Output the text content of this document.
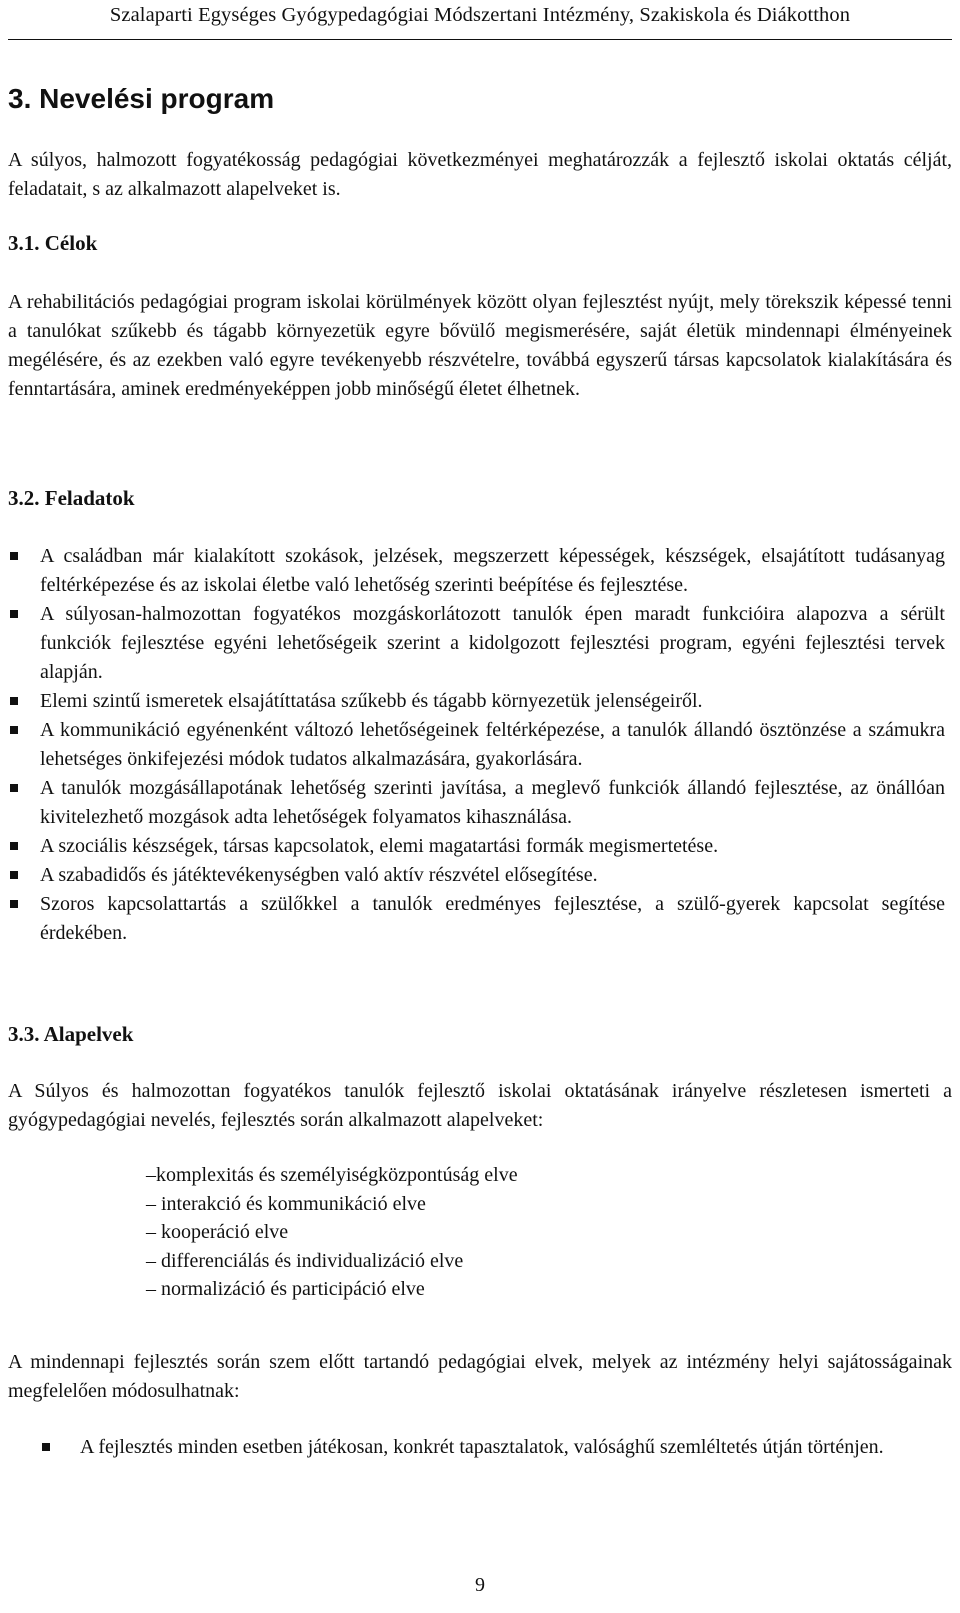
Szalaparti Egységes Gyógypedagógiai Módszertani Intézmény, Szakiskola és Diákotthon
3. Nevelési program

A súlyos, halmozott fogyatékosság pedagógiai következményei meghatározzák a fejlesztő iskolai oktatás célját, feladatait, s az alkalmazott alapelveket is.

3.1. Célok

A rehabilitációs pedagógiai program iskolai körülmények között olyan fejlesztést nyújt, mely törekszik képessé tenni a tanulókat szűkebb és tágabb környezetük egyre bővülő megismerésére, saját életük mindennapi élményeinek megélésére, és az ezekben való egyre tevékenyebb részvételre, továbbá egyszerű társas kapcsolatok kialakítására és fenntartására, aminek eredményeképpen jobb minőségű életet élhetnek.

3.2. Feladatok
A családban már kialakított szokások, jelzések, megszerzett képességek, készségek, elsajátított tudásanyag feltérképezése és az iskolai életbe való lehetőség szerinti beépítése és fejlesztése.
A súlyosan-halmozottan fogyatékos mozgáskorlátozott tanulók épen maradt funkcióira alapozva a sérült funkciók fejlesztése egyéni lehetőségeik szerint a kidolgozott fejlesztési program, egyéni fejlesztési tervek alapján.
Elemi szintű ismeretek elsajátíttatása szűkebb és tágabb környezetük jelenségeiről.
A kommunikáció egyénenként változó lehetőségeinek feltérképezése, a tanulók állandó ösztönzése a számukra lehetséges önkifejezési módok tudatos alkalmazására, gyakorlására.
A tanulók mozgásállapotának lehetőség szerinti javítása, a meglevő funkciók állandó fejlesztése, az önállóan kivitelezhető mozgások adta lehetőségek folyamatos kihasználása.
A szociális készségek, társas kapcsolatok, elemi magatartási formák megismertetése.
A szabadidős és játéktevékenységben való aktív részvétel elősegítése.
Szoros kapcsolattartás a szülőkkel a tanulók eredményes fejlesztése, a szülő-gyerek kapcsolat segítése érdekében.
3.3. Alapelvek

A Súlyos és halmozottan fogyatékos tanulók fejlesztő iskolai oktatásának irányelve részletesen ismerteti a gyógypedagógiai nevelés, fejlesztés során alkalmazott alapelveket:

–komplexitás és személyiségközpontúság elve
– interakció és kommunikáció elve
– kooperáció elve
– differenciálás és individualizáció elve
– normalizáció és participáció elve

A mindennapi fejlesztés során szem előtt tartandó pedagógiai elvek, melyek az intézmény helyi sajátosságainak megfelelően módosulhatnak:

A fejlesztés minden esetben játékosan, konkrét tapasztalatok, valósághű szemléltetés útján történjen.
9
